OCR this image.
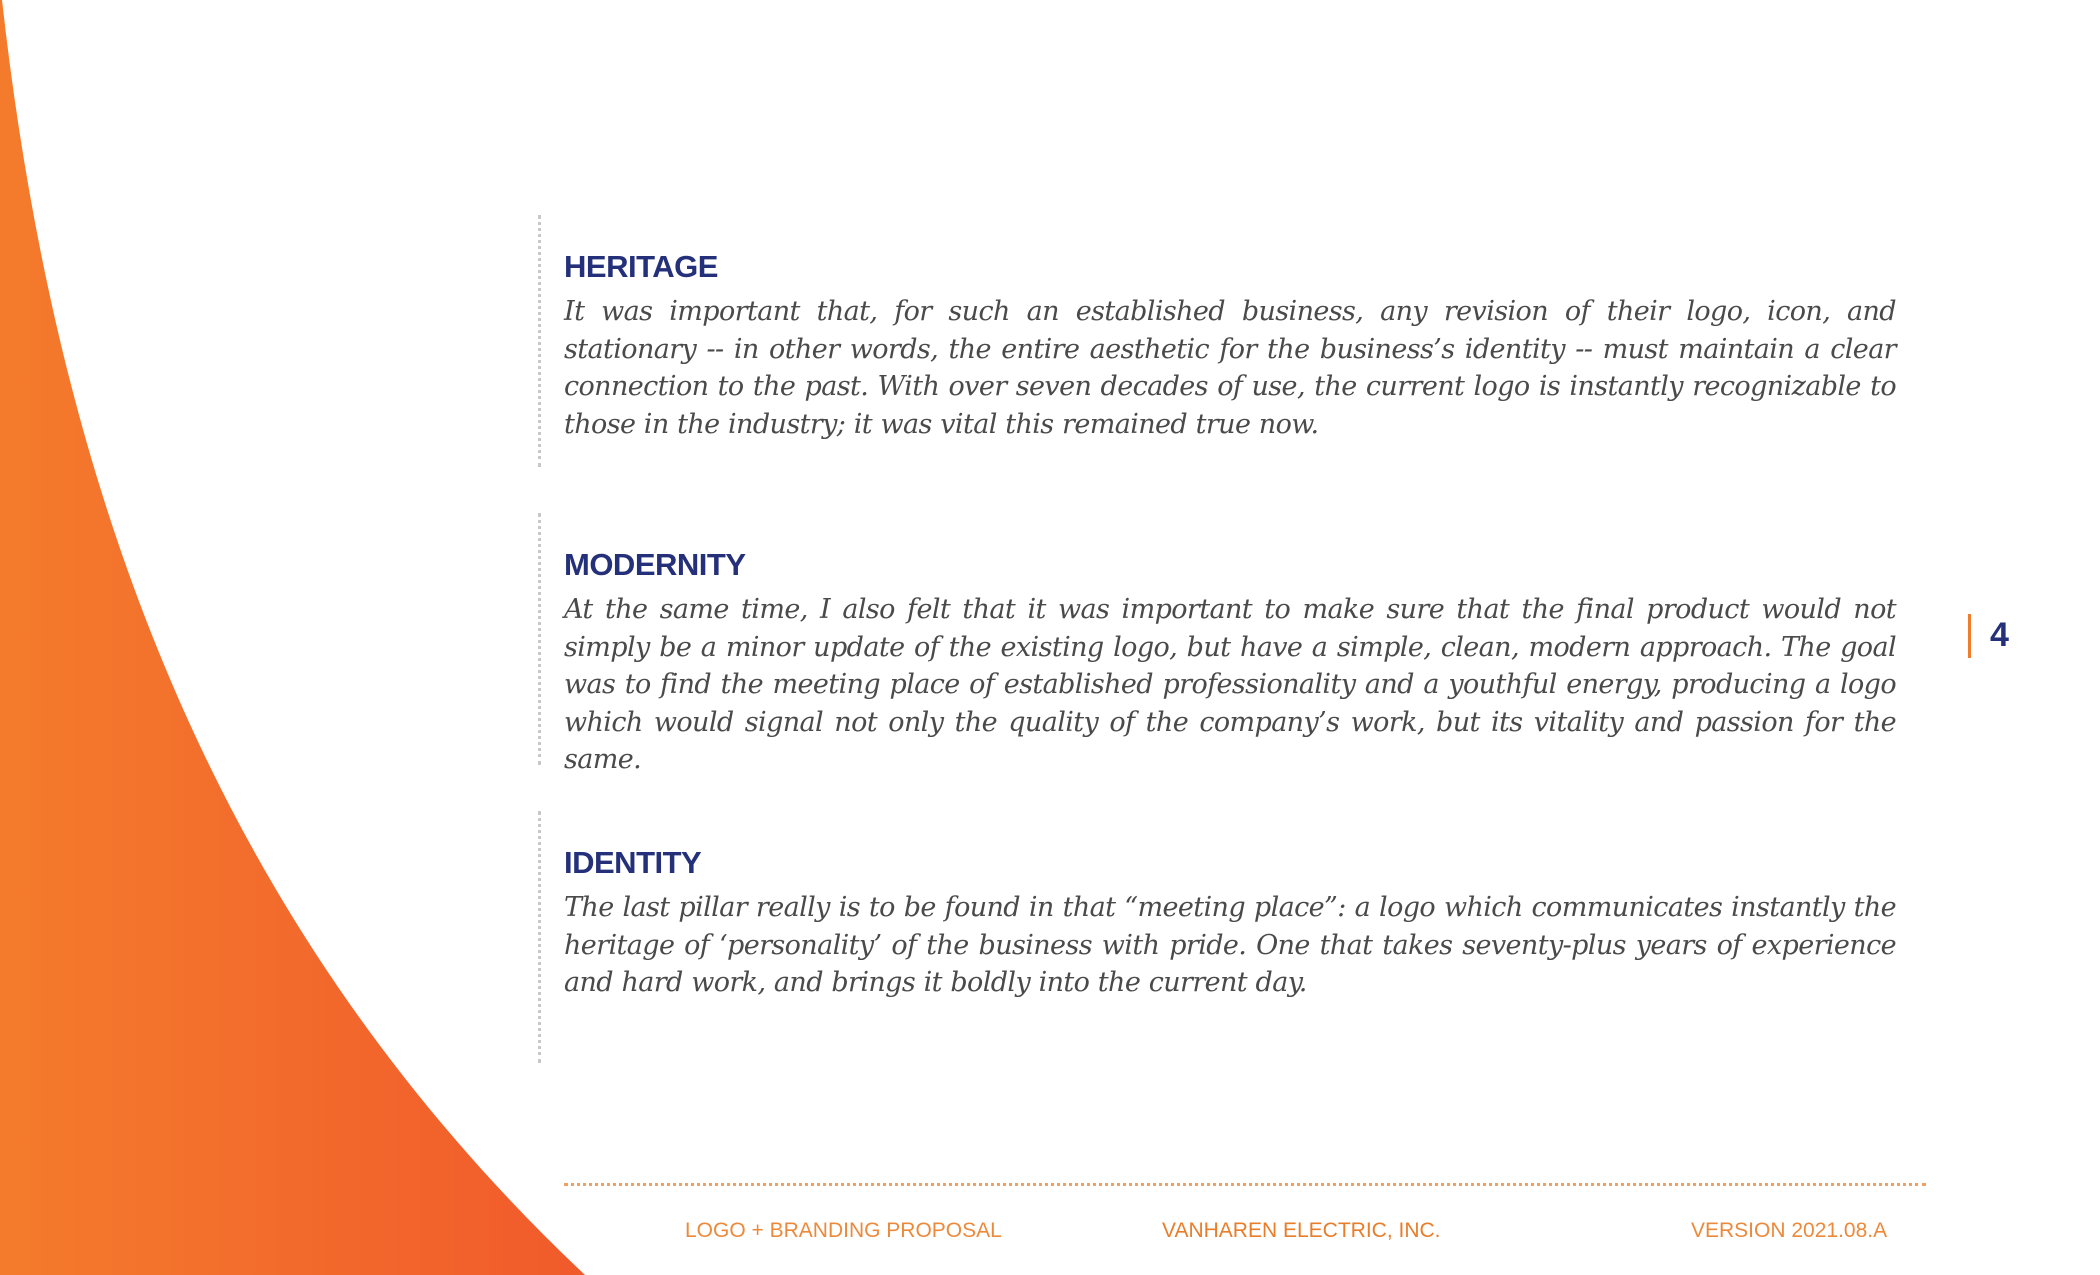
HERITAGE

It was important that, for such an established business, any revision of their logo, icon, and stationary -- in other words, the entire aesthetic for the business’s identity -- must maintain a clear connection to the past. With over seven decades of use, the current logo is instantly recognizable to those in the industry; it was vital this remained true now.

MODERNITY

At the same time, I also felt that it was important to make sure that the final product would not simply be a minor update of the existing logo, but have a simple, clean, modern approach. The goal was to find the meeting place of established professionality and a youthful energy, producing a logo which would signal not only the quality of the company’s work, but its vitality and passion for the same.

IDENTITY

The last pillar really is to be found in that “meeting place”: a logo which communicates instantly the heritage of ‘personality’ of the business with pride. One that takes seventy-plus years of experience and hard work, and brings it boldly into the current day.

4
LOGO + BRANDING PROPOSAL	VANHAREN ELECTRIC, INC.	VERSION 2021.08.A
